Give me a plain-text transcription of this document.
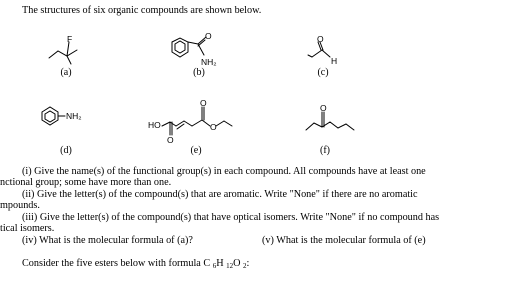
The structures of six organic compounds are shown below.
F	O
NH₂
O
H
NH₂
HO
O
O
O
O
(a)	(b)	(c)
(d)	(e)	(f)
(i) Give the name(s) of the functional group(s) in each compound. All compounds have at least one
nctional group; some have more than one.
(ii) Give the letter(s) of the compound(s) that are aromatic. Write "None" if there are no aromatic
mpounds.
(iii) Give the letter(s) of the compound(s) that have optical isomers. Write "None" if no compound has
tical isomers.
(iv) What is the molecular formula of (a)?	(v) What is the molecular formula of (e)
Consider the five esters below with formula C $_6$H $_{12}$O $_2$:
